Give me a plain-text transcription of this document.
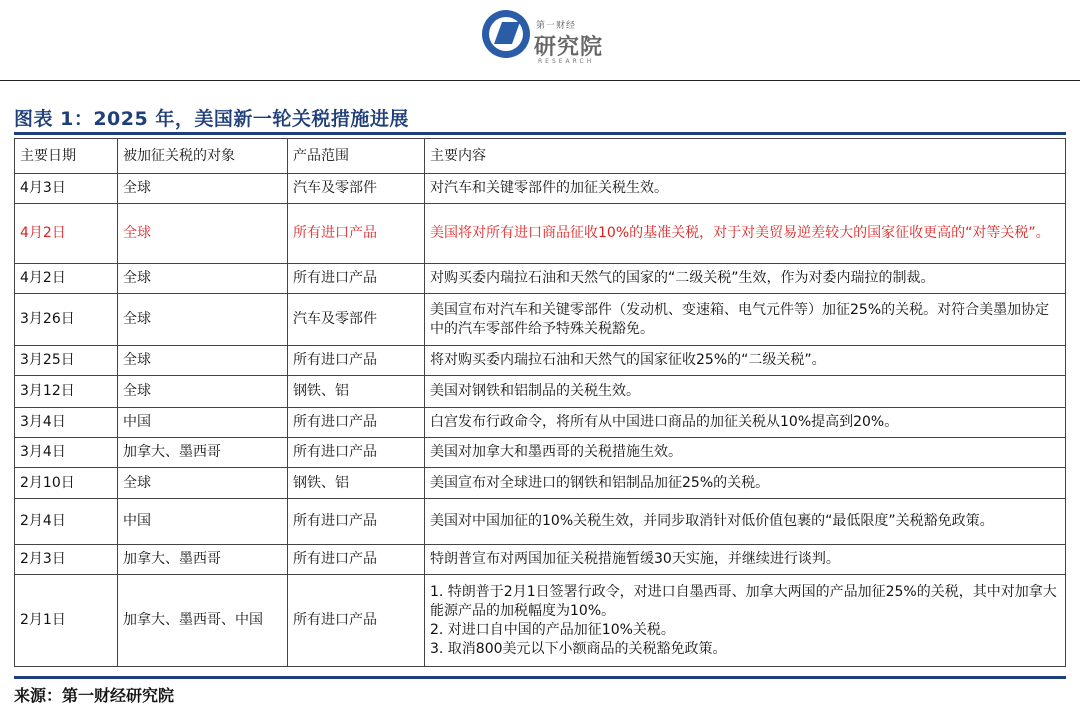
第一财经
研究院
RESEARCH
图表 1：2025 年，美国新一轮关税措施进展
主要日期	被加征关税的对象	产品范围	主要内容
4月3日	全球	汽车及零部件	对汽车和关键零部件的加征关税生效。
4月2日	全球	所有进口产品	美国将对所有进口商品征收10%的基准关税，对于对美贸易逆差较大的国家征收更高的“对等关税”。
4月2日	全球	所有进口产品	对购买委内瑞拉石油和天然气的国家的“二级关税”生效，作为对委内瑞拉的制裁。
3月26日	全球	汽车及零部件	美国宣布对汽车和关键零部件（发动机、变速箱、电气元件等）加征25%的关税。对符合美墨加协定中的汽车零部件给予特殊关税豁免。
3月25日	全球	所有进口产品	将对购买委内瑞拉石油和天然气的国家征收25%的“二级关税”。
3月12日	全球	钢铁、铝	美国对钢铁和铝制品的关税生效。
3月4日	中国	所有进口产品	白宫发布行政命令，将所有从中国进口商品的加征关税从10%提高到20%。
3月4日	加拿大、墨西哥	所有进口产品	美国对加拿大和墨西哥的关税措施生效。
2月10日	全球	钢铁、铝	美国宣布对全球进口的钢铁和铝制品加征25%的关税。
2月4日	中国	所有进口产品	美国对中国加征的10%关税生效，并同步取消针对低价值包裹的“最低限度”关税豁免政策。
2月3日	加拿大、墨西哥	所有进口产品	特朗普宣布对两国加征关税措施暂缓30天实施，并继续进行谈判。
2月1日	加拿大、墨西哥、中国	所有进口产品	1. 特朗普于2月1日签署行政令，对进口自墨西哥、加拿大两国的产品加征25%的关税，其中对加拿大能源产品的加税幅度为10%。
2. 对进口自中国的产品加征10%关税。
3. 取消800美元以下小额商品的关税豁免政策。
来源：第一财经研究院
